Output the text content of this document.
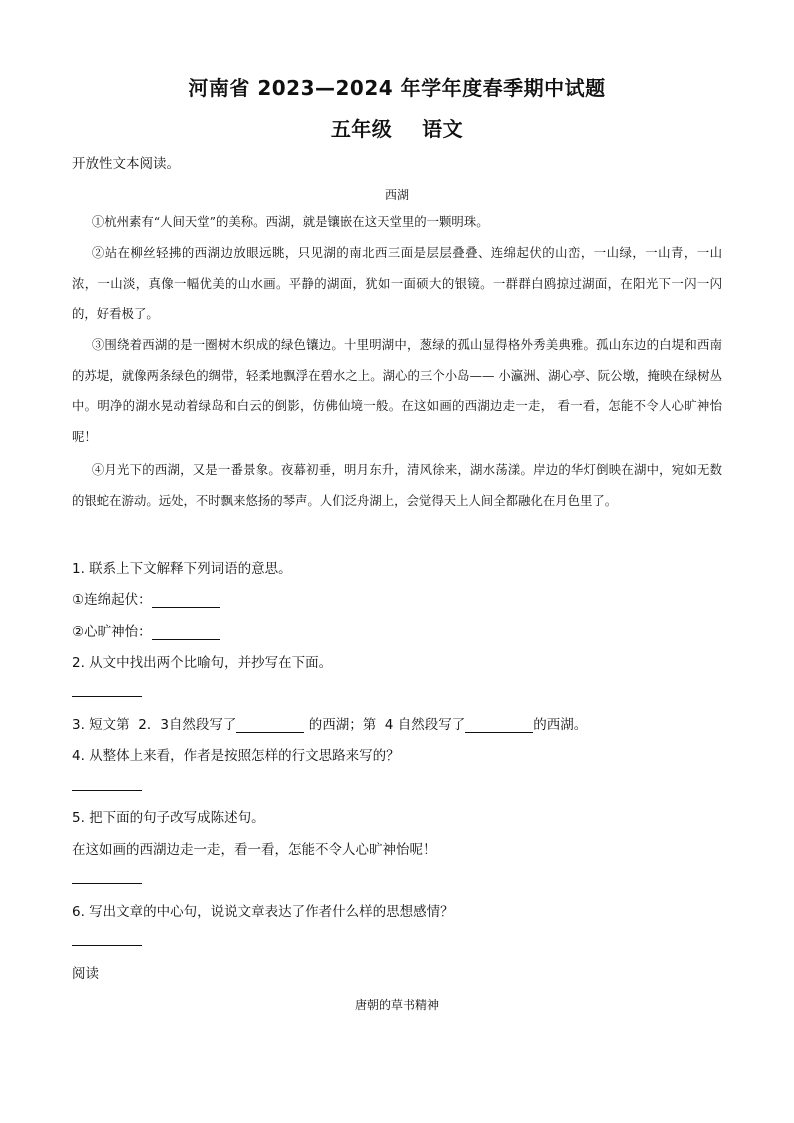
河南省 2023—2024 年学年度春季期中试题
五年级    语文
开放性文本阅读。
西湖

①杭州素有“人间天堂”的美称。西湖，就是镶嵌在这天堂里的一颗明珠。

②站在柳丝轻拂的西湖边放眼远眺，只见湖的南北西三面是层层叠叠、连绵起伏的山峦，一山绿，一山青，一山浓，一山淡，真像一幅优美的山水画。平静的湖面，犹如一面硕大的银镜。一群群白鸥掠过湖面，在阳光下一闪一闪的，好看极了。

③围绕着西湖的是一圈树木织成的绿色镶边。十里明湖中，葱绿的孤山显得格外秀美典雅。孤山东边的白堤和西南的苏堤，就像两条绿色的绸带，轻柔地飘浮在碧水之上。湖心的三个小岛—— 小瀛洲、湖心亭、阮公墩，掩映在绿树丛中。明净的湖水晃动着绿岛和白云的倒影，仿佛仙境一般。在这如画的西湖边走一走， 看一看，怎能不令人心旷神怡呢！

④月光下的西湖，又是一番景象。夜幕初垂，明月东升，清风徐来，湖水荡漾。岸边的华灯倒映在湖中，宛如无数的银蛇在游动。远处，不时飘来悠扬的琴声。人们泛舟湖上，会觉得天上人间全都融化在月色里了。

1. 联系上下文解释下列词语的意思。
①连绵起伏：
②心旷神怡：
2. 从文中找出两个比喻句，并抄写在下面。
3. 短文第  2．3自然段写了	的西湖；第  4 自然段写了	的西湖。
4. 从整体上来看，作者是按照怎样的行文思路来写的？
5. 把下面的句子改写成陈述句。
在这如画的西湖边走一走，看一看，怎能不令人心旷神怡呢！
6. 写出文章的中心句，说说文章表达了作者什么样的思想感情？
阅读
唐朝的草书精神
